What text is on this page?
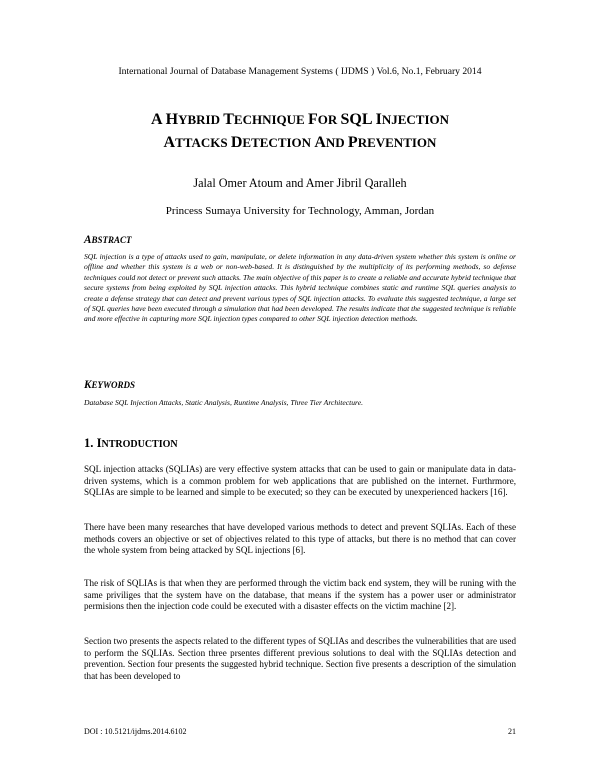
International Journal of Database Management Systems ( IJDMS ) Vol.6, No.1, February 2014
A HYBRID TECHNIQUE FOR SQL INJECTION
ATTACKS DETECTION AND PREVENTION
Jalal Omer Atoum and Amer Jibril Qaralleh
Princess Sumaya University for Technology, Amman, Jordan
ABSTRACT
SQL injection is a type of attacks used to gain, manipulate, or delete information in any data-driven system whether this system is online or offline and whether this system is a web or non-web-based. It is distinguished by the multiplicity of its performing methods, so defense techniques could not detect or prevent such attacks. The main objective of this paper is to create a reliable and accurate hybrid technique that secure systems from being exploited by SQL injection attacks. This hybrid technique combines static and runtime SQL queries analysis to create a defense strategy that can detect and prevent various types of SQL injection attacks. To evaluate this suggested technique, a large set of SQL queries have been executed through a simulation that had been developed. The results indicate that the suggested technique is reliable and more effective in capturing more SQL injection types compared to other SQL injection detection methods.
KEYWORDS
Database SQL Injection Attacks, Static Analysis, Runtime Analysis, Three Tier Architecture.
1. INTRODUCTION
SQL injection attacks (SQLIAs) are very effective system attacks that can be used to gain or manipulate data in data-driven systems, which is a common problem for web applications that are published on the internet. Furthrmore, SQLIAs are simple to be learned and simple to be executed; so they can be executed by unexperienced hackers [16].
There have been many researches that have developed various methods to detect and prevent SQLIAs. Each of these methods covers an objective or set of objectives related to this type of attacks, but there is no method that can cover the whole system from being attacked by SQL injections [6].
The risk of SQLIAs is that when they are performed through the victim back end system, they will be runing with the same priviliges that the system have on the database, that means if the system has a power user or administrator permisions then the injection code could be executed with a disaster effects on the victim machine [2].
Section two presents the aspects related to the different types of SQLIAs and describes the vulnerabilities that are used to perform the SQLIAs. Section three prsentes different previous solutions to deal with the SQLIAs detection and prevention. Section four presents the suggested hybrid technique. Section five presents a description of the simulation that has been developed to
DOI : 10.5121/ijdms.2014.6102	21
